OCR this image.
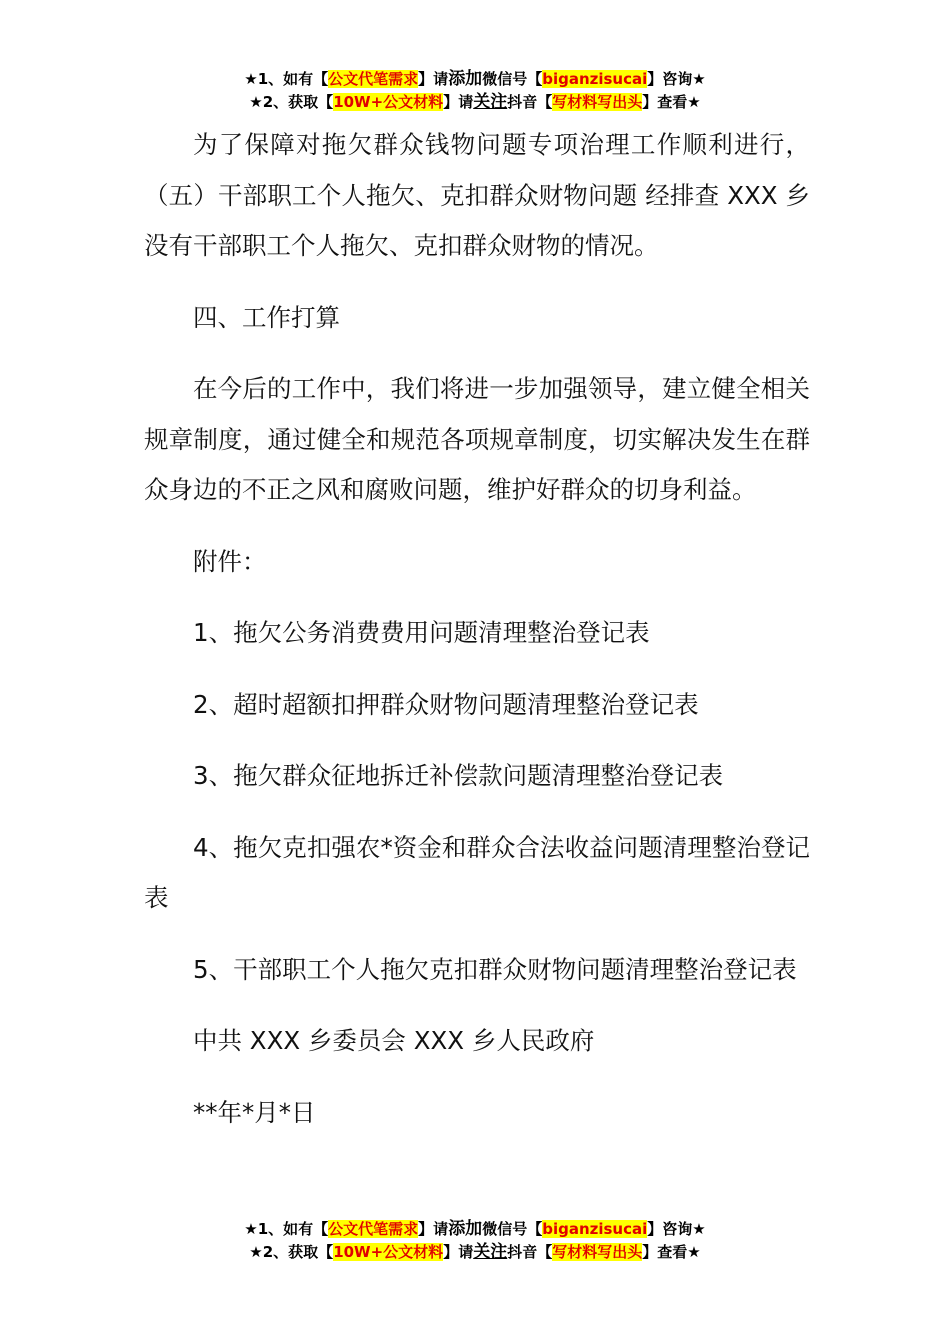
★1、如有【公文代笔需求】请添加微信号【biganzisucai】咨询★
★2、获取【10W+公文材料】请关注抖音【写材料写出头】查看★

为了保障对拖欠群众钱物问题专项治理工作顺利进行，（五）干部职工个人拖欠、克扣群众财物问题 经排查 XXX 乡没有干部职工个人拖欠、克扣群众财物的情况。

四、工作打算

在今后的工作中，我们将进一步加强领导，建立健全相关规章制度，通过健全和规范各项规章制度，切实解决发生在群众身边的不正之风和腐败问题，维护好群众的切身利益。

附件：

1、拖欠公务消费费用问题清理整治登记表

2、超时超额扣押群众财物问题清理整治登记表

3、拖欠群众征地拆迁补偿款问题清理整治登记表

4、拖欠克扣强农*资金和群众合法收益问题清理整治登记表

5、干部职工个人拖欠克扣群众财物问题清理整治登记表

中共 XXX 乡委员会 XXX 乡人民政府

**年*月*日

★1、如有【公文代笔需求】请添加微信号【biganzisucai】咨询★
★2、获取【10W+公文材料】请关注抖音【写材料写出头】查看★
